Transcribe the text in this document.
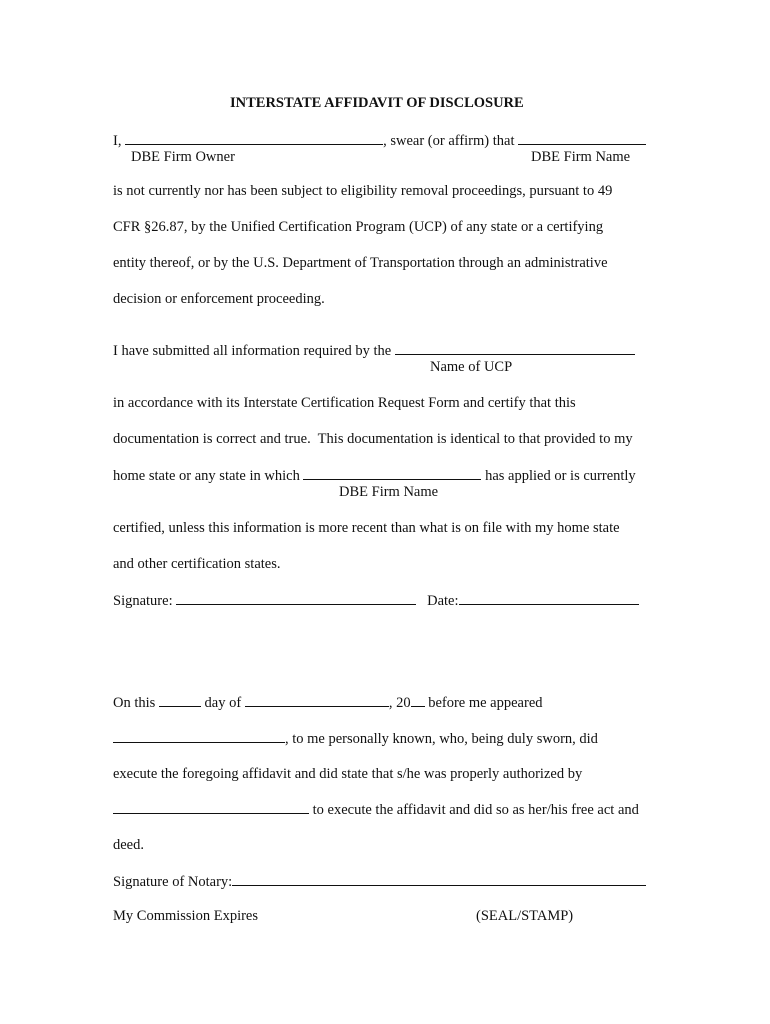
INTERSTATE AFFIDAVIT OF DISCLOSURE
I,	, swear (or affirm) that
DBE Firm Owner	DBE Firm Name
is not currently nor has been subject to eligibility removal proceedings, pursuant to 49
CFR §26.87, by the Unified Certification Program (UCP) of any state or a certifying
entity thereof, or by the U.S. Department of Transportation through an administrative
decision or enforcement proceeding.
I have submitted all information required by the
Name of UCP
in accordance with its Interstate Certification Request Form and certify that this
documentation is correct and true.  This documentation is identical to that provided to my
home state or any state in which	has applied or is currently
DBE Firm Name
certified, unless this information is more recent than what is on file with my home state
and other certification states.
Signature:	Date:
On this	day of	, 20 before me appeared
, to me personally known, who, being duly sworn, did
execute the foregoing affidavit and did state that s/he was properly authorized by
to execute the affidavit and did so as her/his free act and
deed.
Signature of Notary:
My Commission Expires	(SEAL/STAMP)
